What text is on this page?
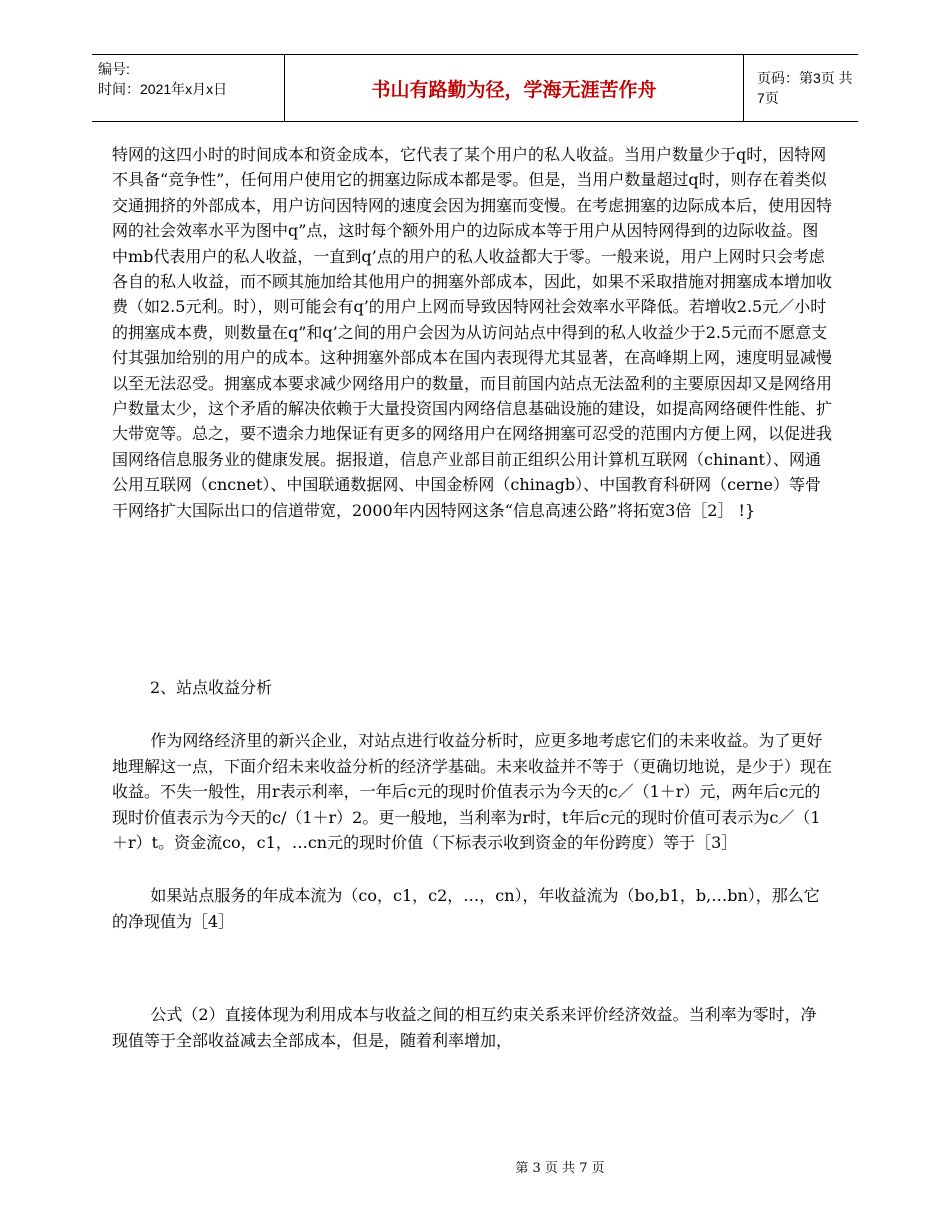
编号:
时间：2021年x月x日	书山有路勤为径，学海无涯苦作舟
页码：第3页 共7页

特网的这四小时的时间成本和资金成本，它代表了某个用户的私人收益。当用户数量少于q时，因特网不具备“竞争性”，任何用户使用它的拥塞边际成本都是零。但是，当用户数量超过q时，则存在着类似交通拥挤的外部成本，用户访问因特网的速度会因为拥塞而变慢。在考虑拥塞的边际成本后，使用因特网的社会效率水平为图中q”点，这时每个额外用户的边际成本等于用户从因特网得到的边际收益。图中mb代表用户的私人收益，一直到q’点的用户的私人收益都大于零。一般来说，用户上网时只会考虑各自的私人收益，而不顾其施加给其他用户的拥塞外部成本，因此，如果不采取措施对拥塞成本增加收费（如2.5元利。时），则可能会有q’的用户上网而导致因特网社会效率水平降低。若增收2.5元／小时的拥塞成本费，则数量在q”和q’之间的用户会因为从访问站点中得到的私人收益少于2.5元而不愿意支付其强加给别的用户的成本。这种拥塞外部成本在国内表现得尤其显著，在高峰期上网，速度明显减慢以至无法忍受。拥塞成本要求减少网络用户的数量，而目前国内站点无法盈利的主要原因却又是网络用户数量太少，这个矛盾的解决依赖于大量投资国内网络信息基础设施的建设，如提高网络硬件性能、扩大带宽等。总之，要不遗余力地保证有更多的网络用户在网络拥塞可忍受的范围内方便上网，以促进我国网络信息服务业的健康发展。据报道，信息产业部目前正组织公用计算机互联网（chinant）、网通公用互联网（cncnet）、中国联通数据网、中国金桥网（chinagb）、中国教育科研网（cerne）等骨干网络扩大国际出口的信道带宽，2000年内因特网这条“信息高速公路”将拓宽3倍［2］ !}

2、站点收益分析

作为网络经济里的新兴企业，对站点进行收益分析时，应更多地考虑它们的未来收益。为了更好地理解这一点，下面介绍未来收益分析的经济学基础。未来收益并不等于（更确切地说，是少于）现在收益。不失一般性，用r表示利率，一年后c元的现时价值表示为今天的c／（1＋r）元，两年后c元的现时价值表示为今天的c/（1＋r）2。更一般地，当利率为r时，t年后c元的现时价值可表示为c／（1＋r）t。资金流co，c1，…cn元的现时价值（下标表示收到资金的年份跨度）等于［3］

如果站点服务的年成本流为（co，c1，c2，…，cn），年收益流为（bo,b1，b,…bn），那么它的净现值为［4］

公式（2）直接体现为利用成本与收益之间的相互约束关系来评价经济效益。当利率为零时，净现值等于全部收益减去全部成本，但是，随着利率增加，

第 3 页 共 7 页
